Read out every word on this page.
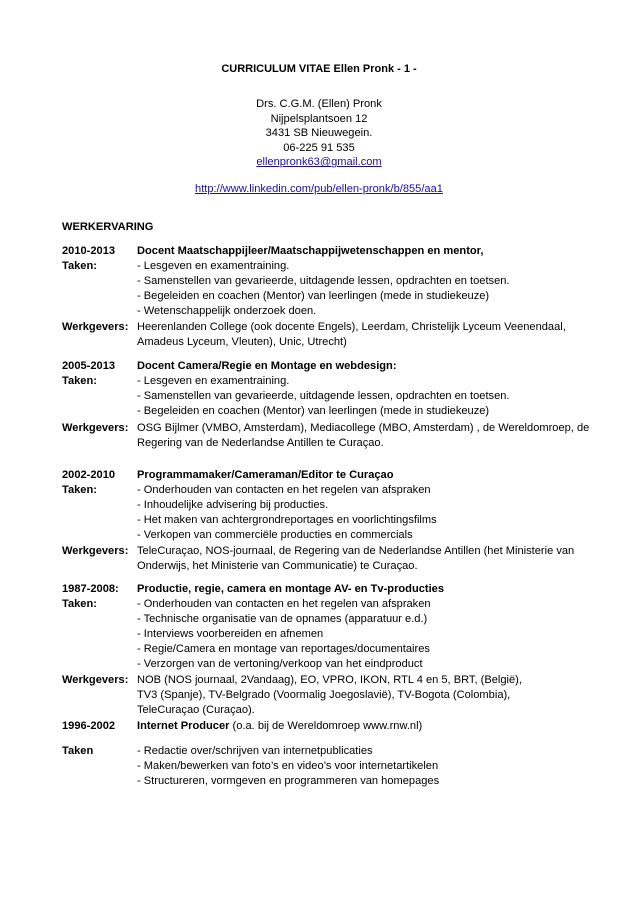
CURRICULUM VITAE Ellen Pronk - 1 -
Drs. C.G.M. (Ellen) Pronk
Nijpelsplantsoen 12
3431 SB Nieuwegein.
06-225 91 535
ellenpronk63@gmail.com
http://www.linkedin.com/pub/ellen-pronk/b/855/aa1
WERKERVARING
2010-2013	Docent Maatschappijleer/Maatschappijwetenschappen en mentor,
Taken:	- Lesgeven en examentraining.
- Samenstellen van gevarieerde, uitdagende lessen, opdrachten en toetsen.
- Begeleiden en coachen (Mentor) van leerlingen (mede in studiekeuze)
- Wetenschappelijk onderzoek doen.
Werkgevers: Heerenlanden College (ook docente Engels), Leerdam, Christelijk Lyceum Veenendaal,
Amadeus Lyceum, Vleuten), Unic, Utrecht)
2005-2013	Docent Camera/Regie en Montage en webdesign:
Taken:	- Lesgeven en examentraining.
- Samenstellen van gevarieerde, uitdagende lessen, opdrachten en toetsen.
- Begeleiden en coachen (Mentor) van leerlingen (mede in studiekeuze)
Werkgevers: OSG Bijlmer (VMBO, Amsterdam), Mediacollege (MBO, Amsterdam) , de Wereldomroep, de
Regering van de Nederlandse Antillen te Curaçao.
2002-2010	Programmamaker/Cameraman/Editor te Curaçao
Taken:	- Onderhouden van contacten en het regelen van afspraken
- Inhoudelijke advisering bij producties.
- Het maken van achtergrondreportages en voorlichtingsfilms
- Verkopen van commerciële producties en commercials
Werkgevers: TeleCuraçao, NOS-journaal, de Regering van de Nederlandse Antillen (het Ministerie van
Onderwijs, het Ministerie van Communicatie) te Curaçao.
1987-2008:	Productie, regie, camera en montage AV- en Tv-producties
Taken:	- Onderhouden van contacten en het regelen van afspraken
- Technische organisatie van de opnames (apparatuur e.d.)
- Interviews voorbereiden en afnemen
- Regie/Camera en montage van reportages/documentaires
- Verzorgen van de vertoning/verkoop van het eindproduct
Werkgevers: NOB (NOS journaal, 2Vandaag), EO, VPRO, IKON, RTL 4 en 5, BRT, (België),
TV3 (Spanje), TV-Belgrado (Voormalig Joegoslavië), TV-Bogota (Colombia),
TeleCuraçao (Curaçao).
1996-2002	Internet Producer (o.a. bij de Wereldomroep www.rnw.nl)
Taken	- Redactie over/schrijven van internetpublicaties
- Maken/bewerken van foto’s en video’s voor internetartikelen
- Structureren, vormgeven en programmeren van homepages
